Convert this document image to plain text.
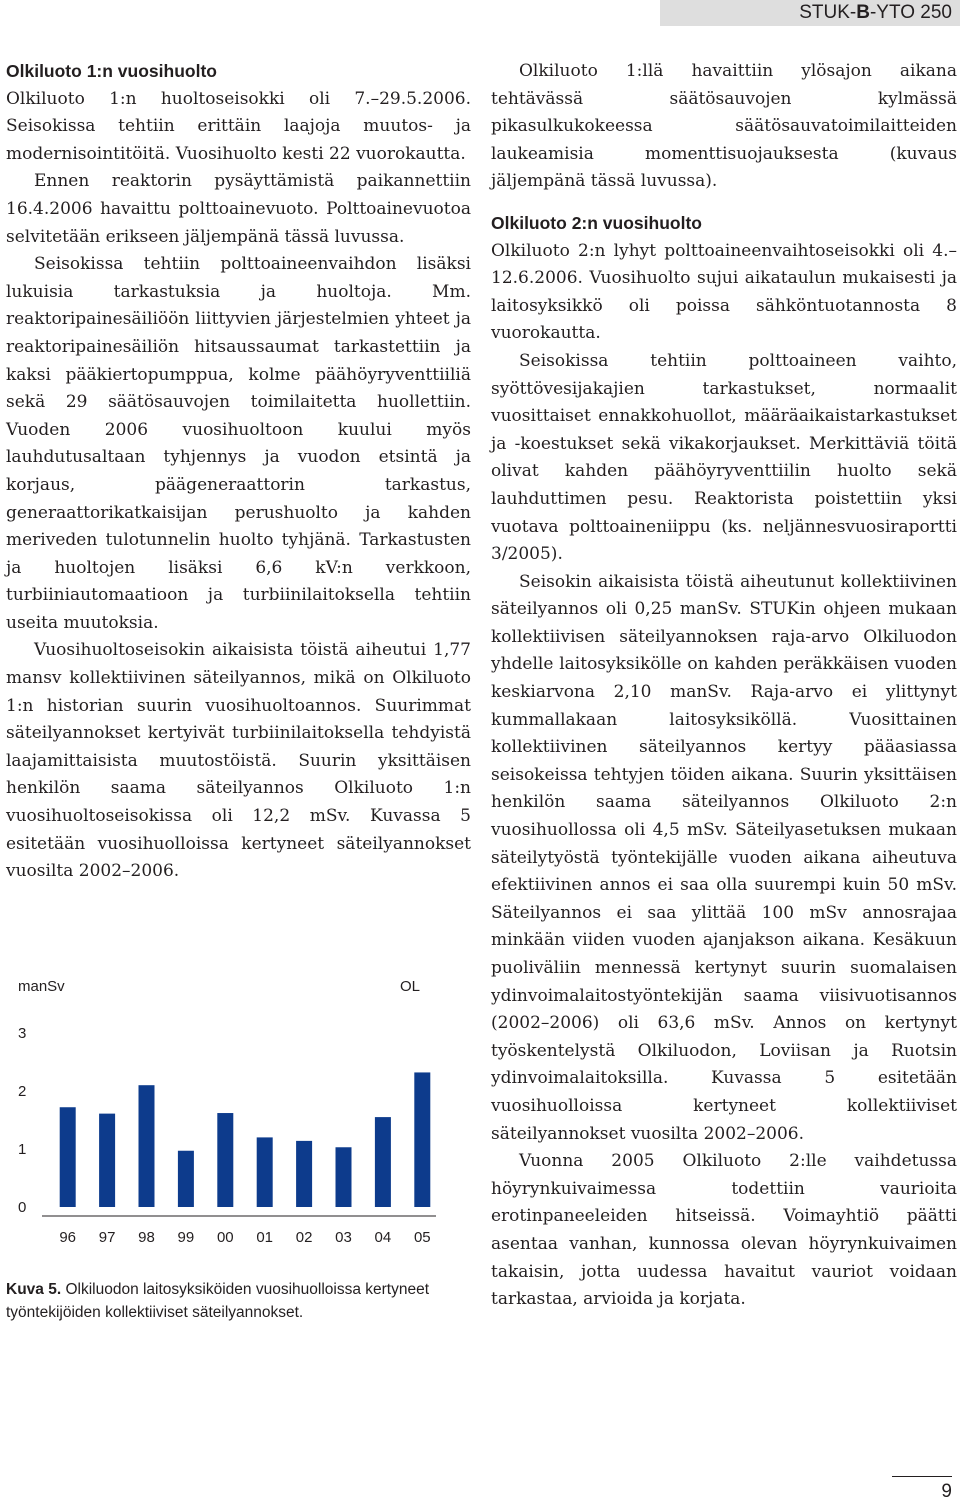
STUK-B-YTO 250
Olkiluoto 1:n vuosihuolto

Olkiluoto 1:n huoltoseisokki oli 7.–29.5.2006. Seisokissa tehtiin erittäin laajoja muutos- ja modernisointitöitä. Vuosihuolto kesti 22 vuorokautta.

Ennen reaktorin pysäyttämistä paikannettiin 16.4.2006 havaittu polttoainevuoto. Polttoainevuotoa selvitetään erikseen jäljempänä tässä luvussa.

Seisokissa tehtiin polttoaineenvaihdon lisäksi lukuisia tarkastuksia ja huoltoja. Mm. reaktoripainesäiliöön liittyvien järjestelmien yhteet ja reaktoripainesäiliön hitsaussaumat tarkastettiin ja kaksi pääkiertopumppua, kolme päähöyryventtiiliä sekä 29 säätösauvojen toimilaitetta huollettiin. Vuoden 2006 vuosihuoltoon kuului myös lauhdutusaltaan tyhjennys ja vuodon etsintä ja korjaus, päägeneraattorin tarkastus, generaattorikatkaisijan perushuolto ja kahden meriveden tulotunnelin huolto tyhjänä. Tarkastusten ja huoltojen lisäksi 6,6 kV:n verkkoon, turbiiniautomaatioon ja turbiinilaitoksella tehtiin useita muutoksia.

Vuosihuoltoseisokin aikaisista töistä aiheutui 1,77 mansv kollektiivinen säteilyannos, mikä on Olkiluoto 1:n historian suurin vuosihuoltoannos. Suurimmat säteilyannokset kertyivät turbiinilaitoksella tehdyistä laajamittaisista muutostöistä. Suurin yksittäisen henkilön saama säteilyannos Olkiluoto 1:n vuosihuoltoseisokissa oli 12,2 mSv. Kuvassa 5 esitetään vuosihuolloissa kertyneet säteilyannokset vuosilta 2002–2006.

manSv	OL
0
1
2
3
96 97 98 99 00 01 02 03 04 05
Kuva 5. Olkiluodon laitosyksiköiden vuosihuolloissa kertyneet työntekijöiden kollektiiviset säteilyannokset.

Olkiluoto 1:llä havaittiin ylösajon aikana tehtävässä säätösauvojen kylmässä pikasulkukokeessa säätösauvatoimilaitteiden laukeamisia momenttisuojauksesta (kuvaus jäljempänä tässä luvussa).

Olkiluoto 2:n vuosihuolto

Olkiluoto 2:n lyhyt polttoaineenvaihtoseisokki oli 4.–12.6.2006. Vuosihuolto sujui aikataulun mukaisesti ja laitosyksikkö oli poissa sähköntuotannosta 8 vuorokautta.

Seisokissa tehtiin polttoaineen vaihto, syöttövesijakajien tarkastukset, normaalit vuosittaiset ennakkohuollot, määräaikaistarkastukset ja -koestukset sekä vikakorjaukset. Merkittäviä töitä olivat kahden päähöyryventtiilin huolto sekä lauhduttimen pesu. Reaktorista poistettiin yksi vuotava polttoaineniippu (ks. neljännesvuosiraportti 3/2005).

Seisokin aikaisista töistä aiheutunut kollektiivinen säteilyannos oli 0,25 manSv. STUKin ohjeen mukaan kollektiivisen säteilyannoksen raja-arvo Olkiluodon yhdelle laitosyksikölle on kahden peräkkäisen vuoden keskiarvona 2,10 manSv. Raja-arvo ei ylittynyt kummallakaan laitosyksiköllä. Vuosittainen kollektiivinen säteilyannos kertyy pääasiassa seisokeissa tehtyjen töiden aikana. Suurin yksittäisen henkilön saama säteilyannos Olkiluoto 2:n vuosihuollossa oli 4,5 mSv. Säteilyasetuksen mukaan säteilytyöstä työntekijälle vuoden aikana aiheutuva efektiivinen annos ei saa olla suurempi kuin 50 mSv. Säteilyannos ei saa ylittää 100 mSv annosrajaa minkään viiden vuoden ajanjakson aikana. Kesäkuun puoliväliin mennessä kertynyt suurin suomalaisen ydinvoimalaitostyöntekijän saama viisivuotisannos (2002–2006) oli 63,6 mSv. Annos on kertynyt työskentelystä Olkiluodon, Loviisan ja Ruotsin ydinvoimalaitoksilla. Kuvassa 5 esitetään vuosihuolloissa kertyneet kollektiiviset säteilyannokset vuosilta 2002–2006.

Vuonna 2005 Olkiluoto 2:lle vaihdetussa höyrynkuivaimessa todettiin vaurioita erotinpaneeleiden hitseissä. Voimayhtiö päätti asentaa vanhan, kunnossa olevan höyrynkuivaimen takaisin, jotta uudessa havaitut vauriot voidaan tarkastaa, arvioida ja korjata.

9
